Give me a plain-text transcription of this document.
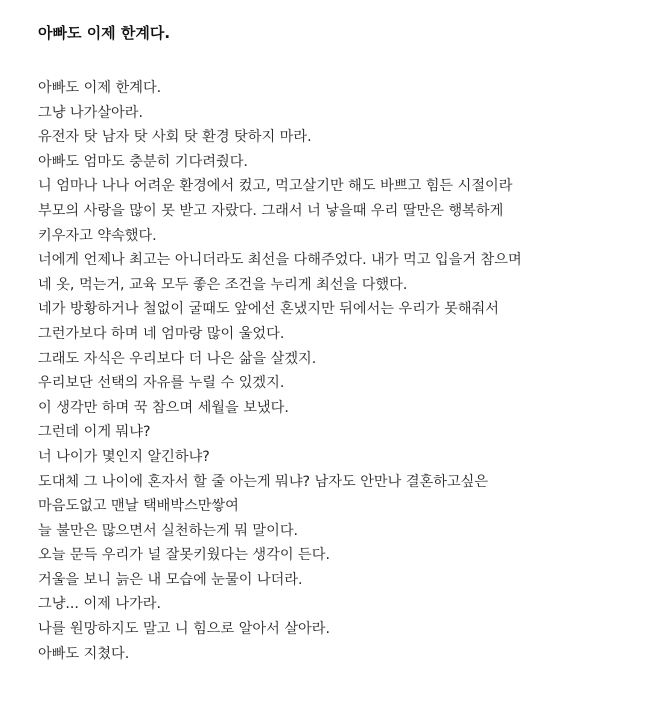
아빠도 이제 한계다.
아빠도 이제 한계다.
그냥 나가살아라.
유전자 탓 남자 탓 사회 탓 환경 탓하지 마라.
아빠도 엄마도 충분히 기다려줬다.
니 엄마나 나나 어려운 환경에서 컸고, 먹고살기만 해도 바쁘고 힘든 시절이라
부모의 사랑을 많이 못 받고 자랐다. 그래서 너 낳을때 우리 딸만은 행복하게
키우자고 약속했다.
너에게 언제나 최고는 아니더라도 최선을 다해주었다. 내가 먹고 입을거 참으며
네 옷, 먹는거, 교육 모두 좋은 조건을 누리게 최선을 다했다.
네가 방황하거나 철없이 굴때도 앞에선 혼냈지만 뒤에서는 우리가 못해줘서
그런가보다 하며 네 엄마랑 많이 울었다.
그래도 자식은 우리보다 더 나은 삶을 살겠지.
우리보단 선택의 자유를 누릴 수 있겠지.
이 생각만 하며 꾹 참으며 세월을 보냈다.
그런데 이게 뭐냐?
너 나이가 몇인지 알긴하냐?
도대체 그 나이에 혼자서 할 줄 아는게 뭐냐? 남자도 안만나 결혼하고싶은
마음도없고 맨날 택배박스만쌓여
늘 불만은 많으면서 실천하는게 뭐 말이다.
오늘 문득 우리가 널 잘못키웠다는 생각이 든다.
거울을 보니 늙은 내 모습에 눈물이 나더라.
그냥... 이제 나가라.
나를 원망하지도 말고 니 힘으로 알아서 살아라.
아빠도 지쳤다.
